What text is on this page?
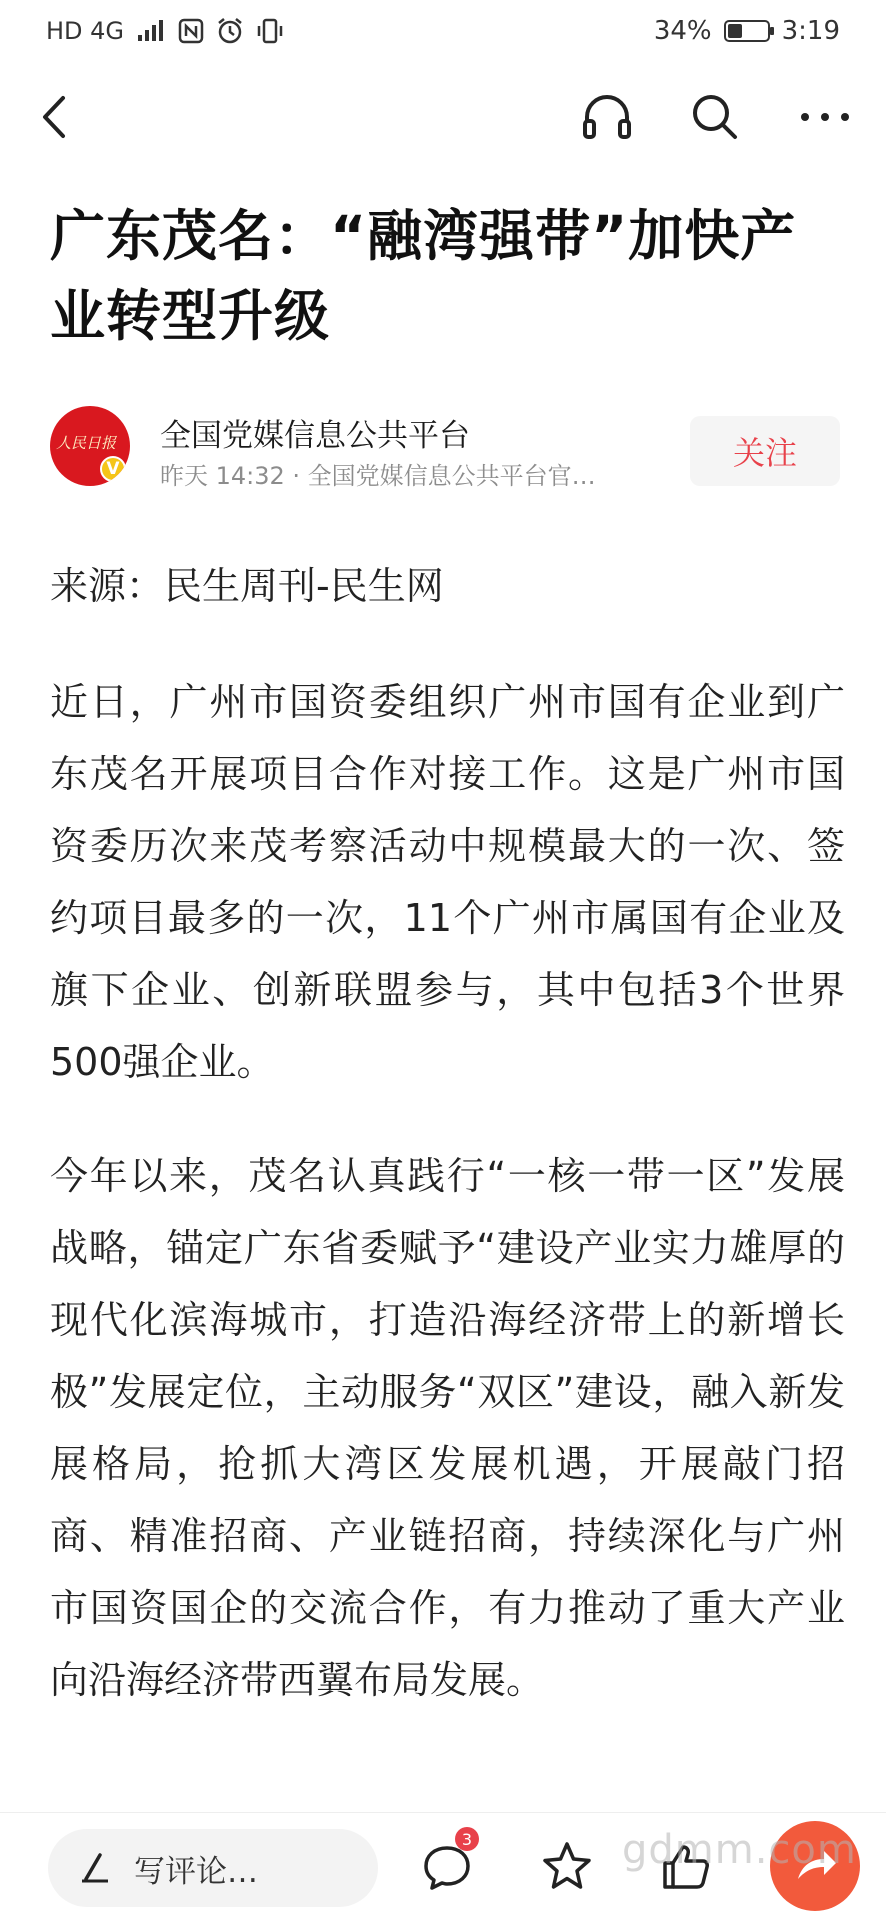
HD 4G	34%	3:19
广东茂名：“融湾强带”加快产业转型升级
人民日报
V
全国党媒信息公共平台
昨天 14:32 · 全国党媒信息公共平台官…
关注

来源：民生周刊-民生网

近日，广州市国资委组织广州市国有企业到广东茂名开展项目合作对接工作。这是广州市国资委历次来茂考察活动中规模最大的一次、签约项目最多的一次，11个广州市属国有企业及旗下企业、创新联盟参与，其中包括3个世界500强企业。

今年以来，茂名认真践行“一核一带一区”发展战略，锚定广东省委赋予“建设产业实力雄厚的现代化滨海城市，打造沿海经济带上的新增长极”发展定位，主动服务“双区”建设，融入新发展格局，抢抓大湾区发展机遇，开展敲门招商、精准招商、产业链招商，持续深化与广州市国资国企的交流合作，有力推动了重大产业向沿海经济带西翼布局发展。

写评论…
3	gdmm.com
